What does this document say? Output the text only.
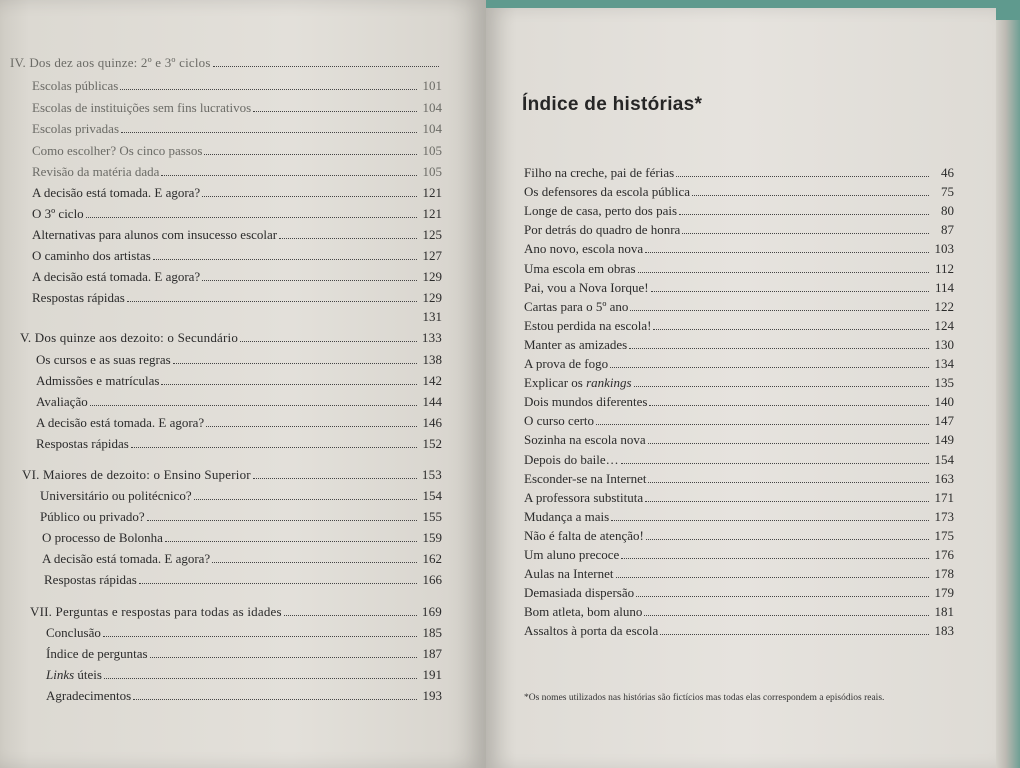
IV. Dos dez aos quinze: 2º e 3º ciclos
Escolas públicas	101
Escolas de instituições sem fins lucrativos	104
Escolas privadas	104
Como escolher? Os cinco passos	105
Revisão da matéria dada	105
A decisão está tomada. E agora?	121
O 3º ciclo	121
Alternativas para alunos com insucesso escolar	125
O caminho dos artistas	127
A decisão está tomada. E agora?	129
Respostas rápidas	129
131
V. Dos quinze aos dezoito: o Secundário	133
Os cursos e as suas regras	138
Admissões e matrículas	142
Avaliação	144
A decisão está tomada. E agora?	146
Respostas rápidas	152
VI. Maiores de dezoito: o Ensino Superior	153
Universitário ou politécnico?	154
Público ou privado?	155
O processo de Bolonha	159
A decisão está tomada. E agora?	162
Respostas rápidas	166
VII. Perguntas e respostas para todas as idades	169
Conclusão	185
Índice de perguntas	187
Links úteis	191
Agradecimentos	193
Índice de histórias*
Filho na creche, pai de férias	46
Os defensores da escola pública	75
Longe de casa, perto dos pais	80
Por detrás do quadro de honra	87
Ano novo, escola nova	103
Uma escola em obras	112
Pai, vou a Nova Iorque!	114
Cartas para o 5º ano	122
Estou perdida na escola!	124
Manter as amizades	130
A prova de fogo	134
Explicar os rankings	135
Dois mundos diferentes	140
O curso certo	147
Sozinha na escola nova	149
Depois do baile…	154
Esconder-se na Internet	163
A professora substituta	171
Mudança a mais	173
Não é falta de atenção!	175
Um aluno precoce	176
Aulas na Internet	178
Demasiada dispersão	179
Bom atleta, bom aluno	181
Assaltos à porta da escola	183
*Os nomes utilizados nas histórias são fictícios mas todas elas correspondem a episódios reais.
